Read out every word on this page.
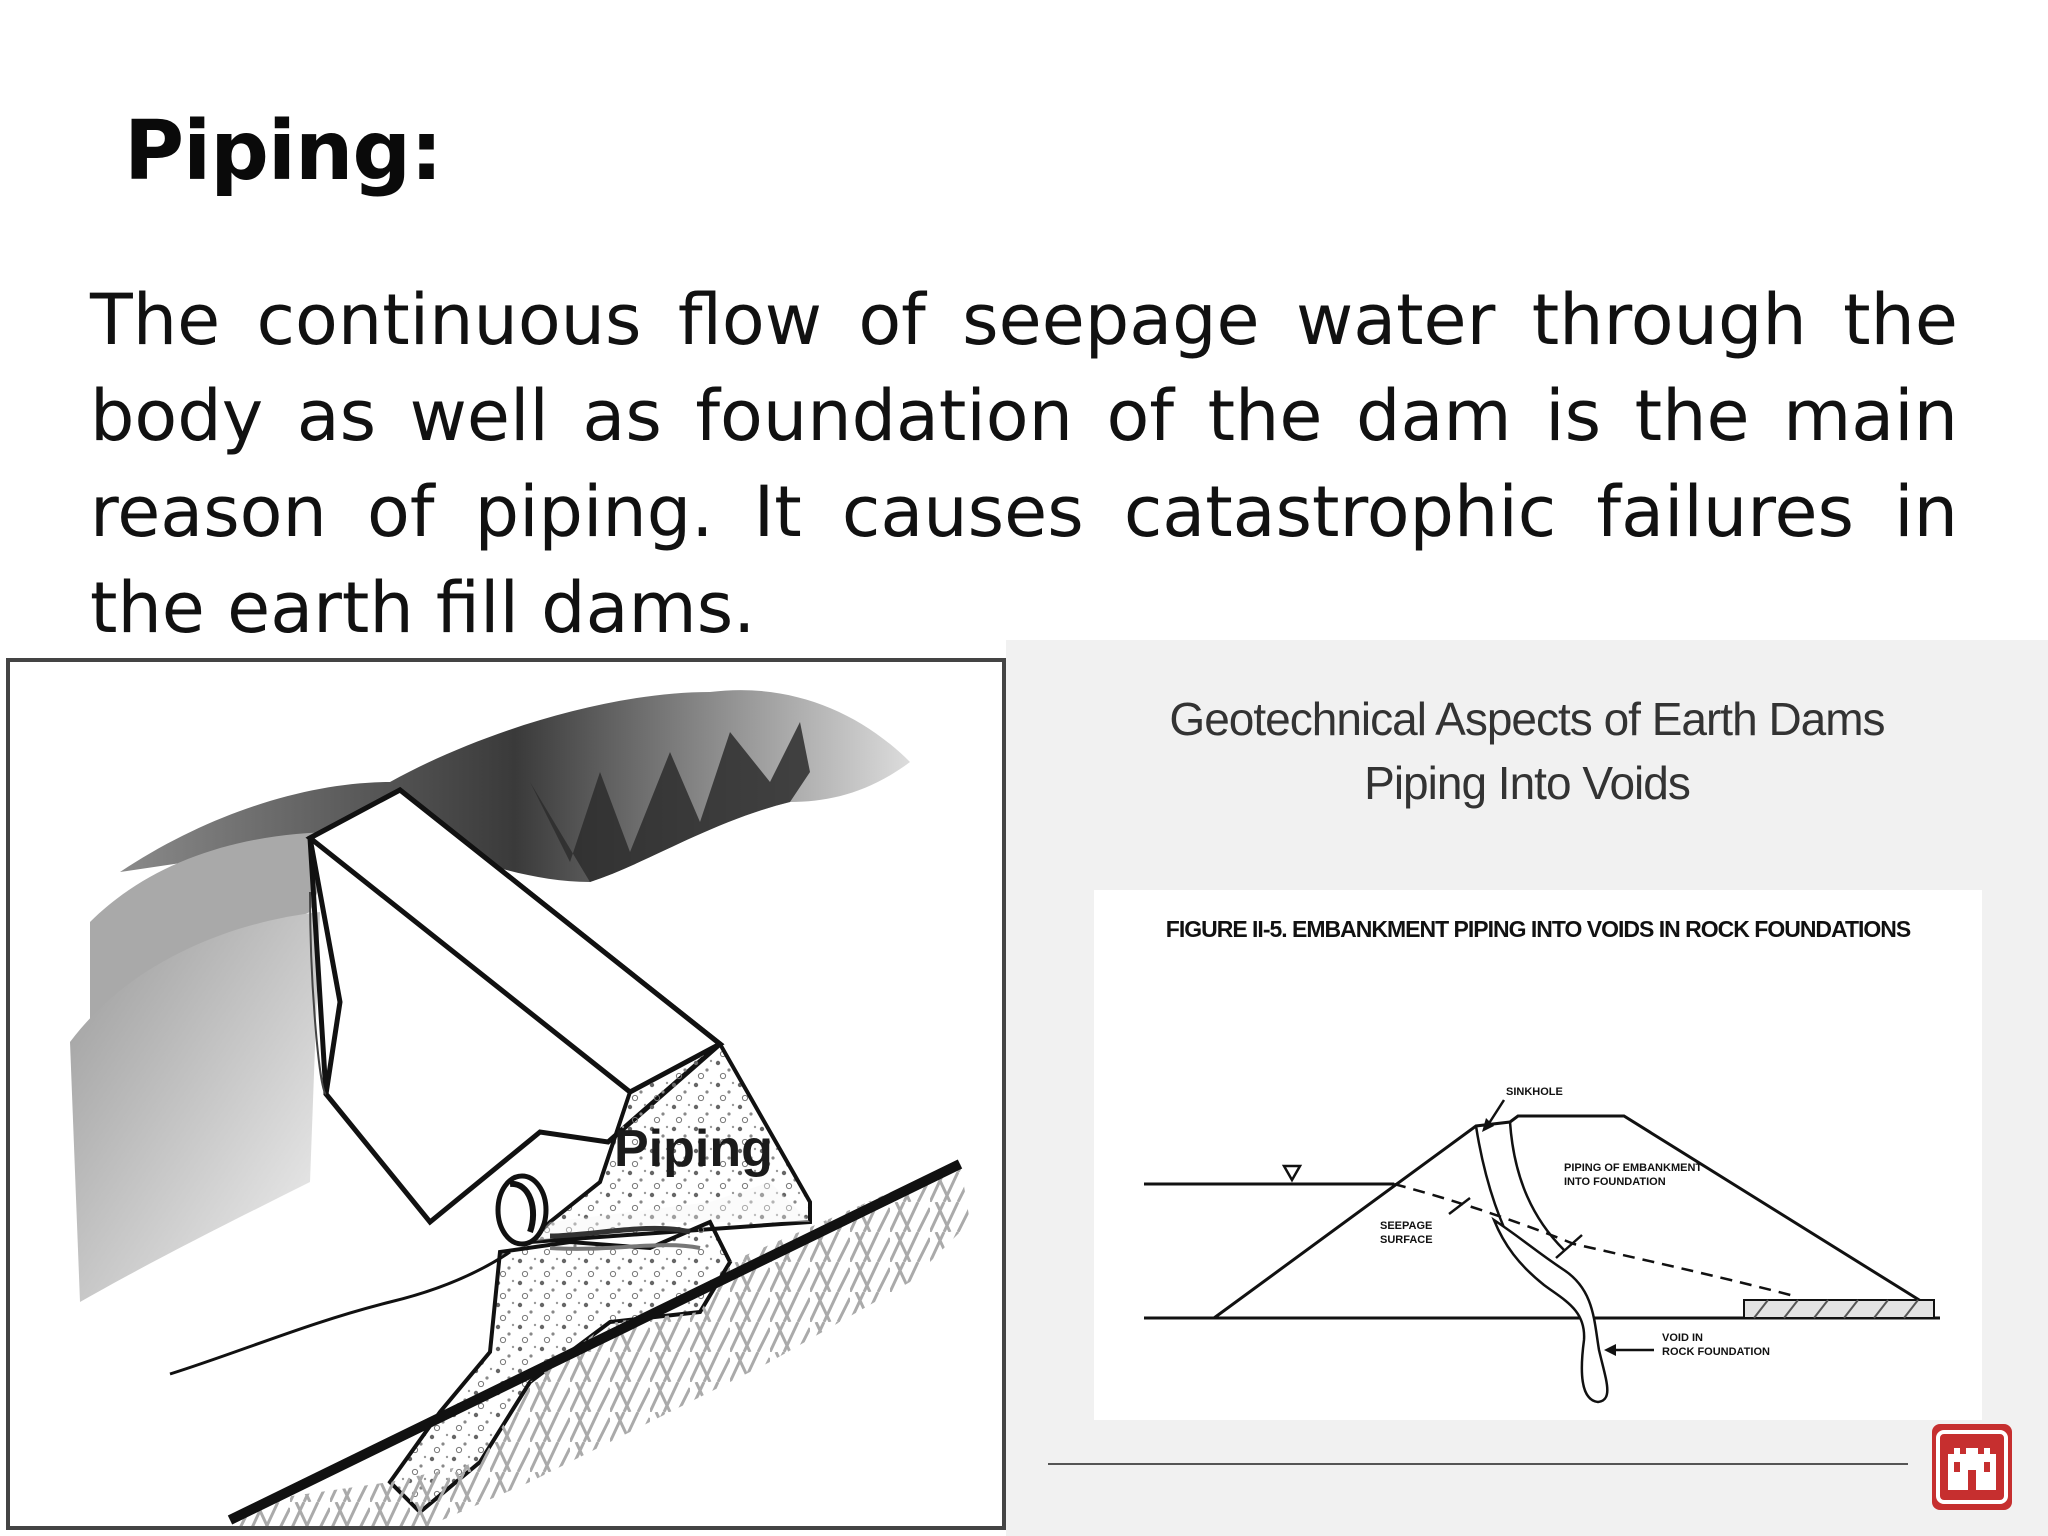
Piping:
The continuous flow of seepage water through the body as well as foundation of the dam is the main reason of piping. It causes catastrophic failures in the earth fill dams.
Piping
Geotechnical Aspects of Earth Dams
Piping Into Voids
FIGURE II-5. EMBANKMENT PIPING INTO VOIDS IN ROCK FOUNDATIONS
SINKHOLE
PIPING OF EMBANKMENT
INTO FOUNDATION
SEEPAGE
SURFACE
VOID IN
ROCK FOUNDATION
